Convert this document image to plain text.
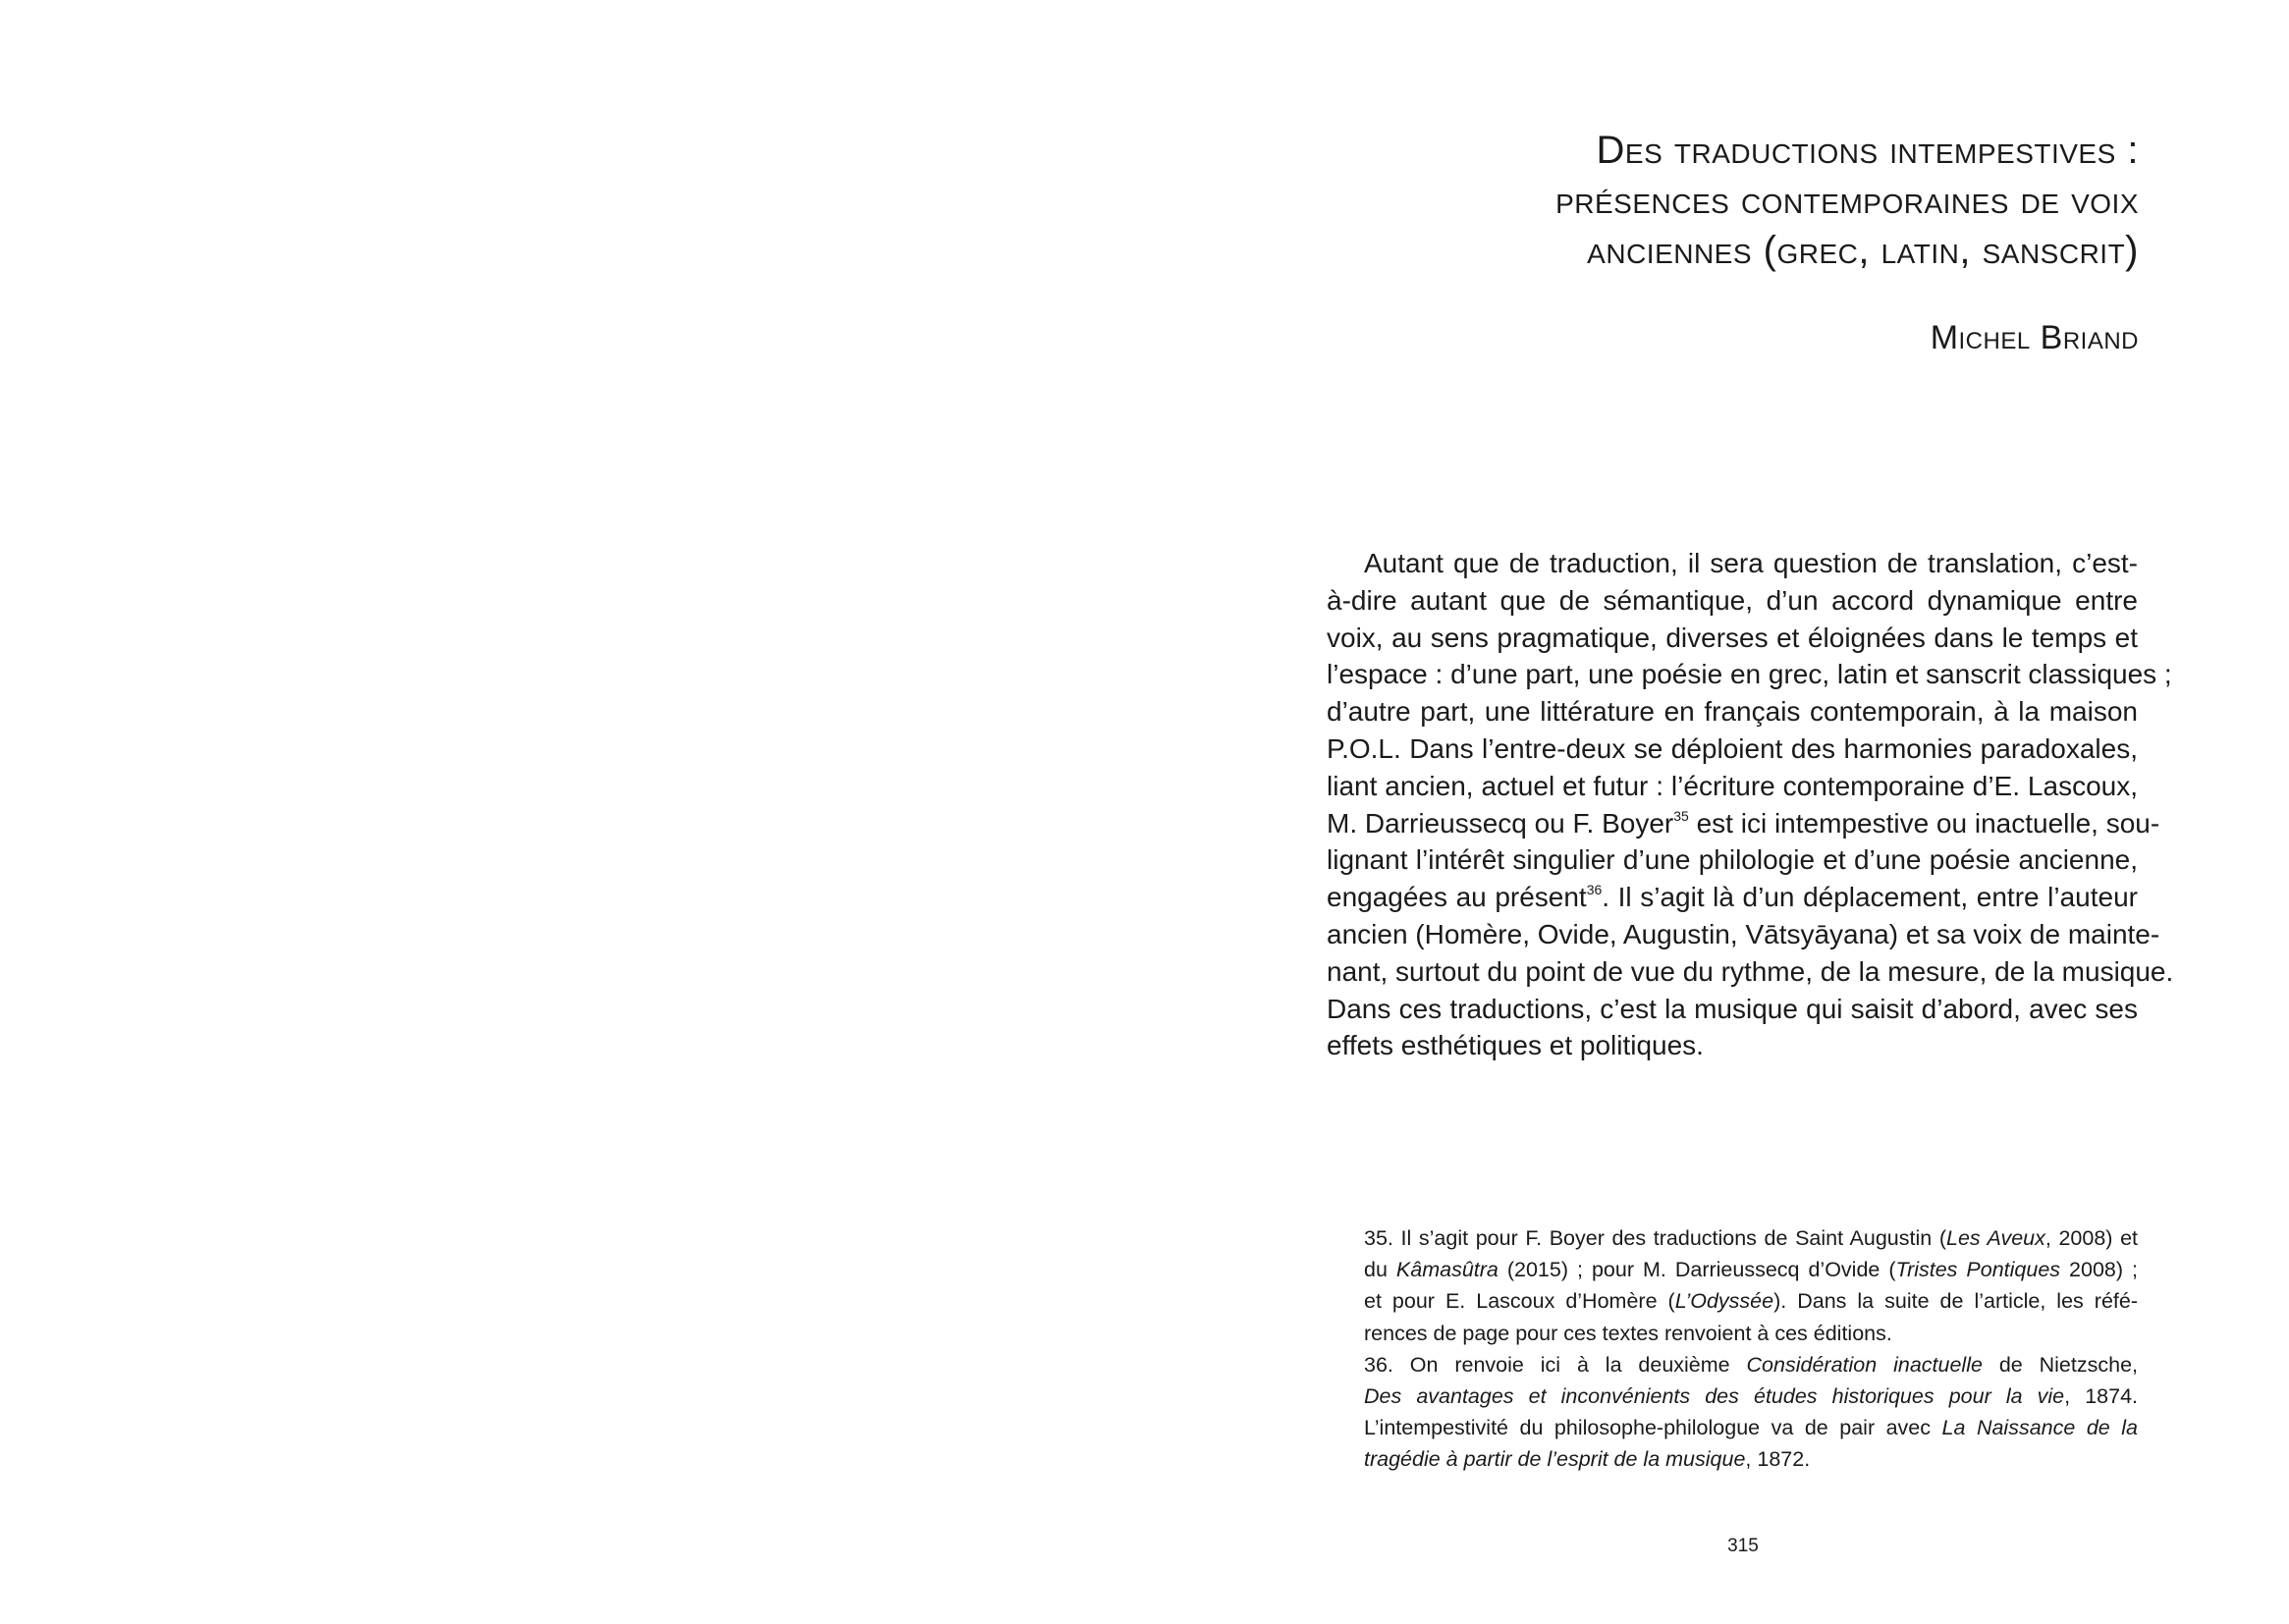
Des traductions intempestives :
présences contemporaines de voix
anciennes (grec, latin, sanscrit)
Michel Briand
Autant que de traduction, il sera question de translation, c’est-
à-dire autant que de sémantique, d’un accord dynamique entre
voix, au sens pragmatique, diverses et éloignées dans le temps et
l’espace : d’une part, une poésie en grec, latin et sanscrit classiques ;
d’autre part, une littérature en français contemporain, à la maison
P.O.L. Dans l’entre-deux se déploient des harmonies paradoxales,
liant ancien, actuel et futur : l’écriture contemporaine d’E. Lascoux,
M. Darrieussecq ou F. Boyer$^{35}$ est ici intempestive ou inactuelle, sou-
lignant l’intérêt singulier d’une philologie et d’une poésie ancienne,
engagées au présent$^{36}$. Il s’agit là d’un déplacement, entre l’auteur
ancien (Homère, Ovide, Augustin, Vātsyāyana) et sa voix de mainte-
nant, surtout du point de vue du rythme, de la mesure, de la musique.
Dans ces traductions, c’est la musique qui saisit d’abord, avec ses
effets esthétiques et politiques.
35. Il s’agit pour F. Boyer des traductions de Saint Augustin (Les Aveux, 2008) et
du Kâmasûtra (2015) ; pour M. Darrieussecq d’Ovide (Tristes Pontiques 2008) ;
et pour E. Lascoux d’Homère (L’Odyssée). Dans la suite de l’article, les réfé-
rences de page pour ces textes renvoient à ces éditions.
36. On renvoie ici à la deuxième Considération inactuelle de Nietzsche,
Des avantages et inconvénients des études historiques pour la vie, 1874.
L’intempestivité du philosophe-philologue va de pair avec La Naissance de la
tragédie à partir de l’esprit de la musique, 1872.
315
